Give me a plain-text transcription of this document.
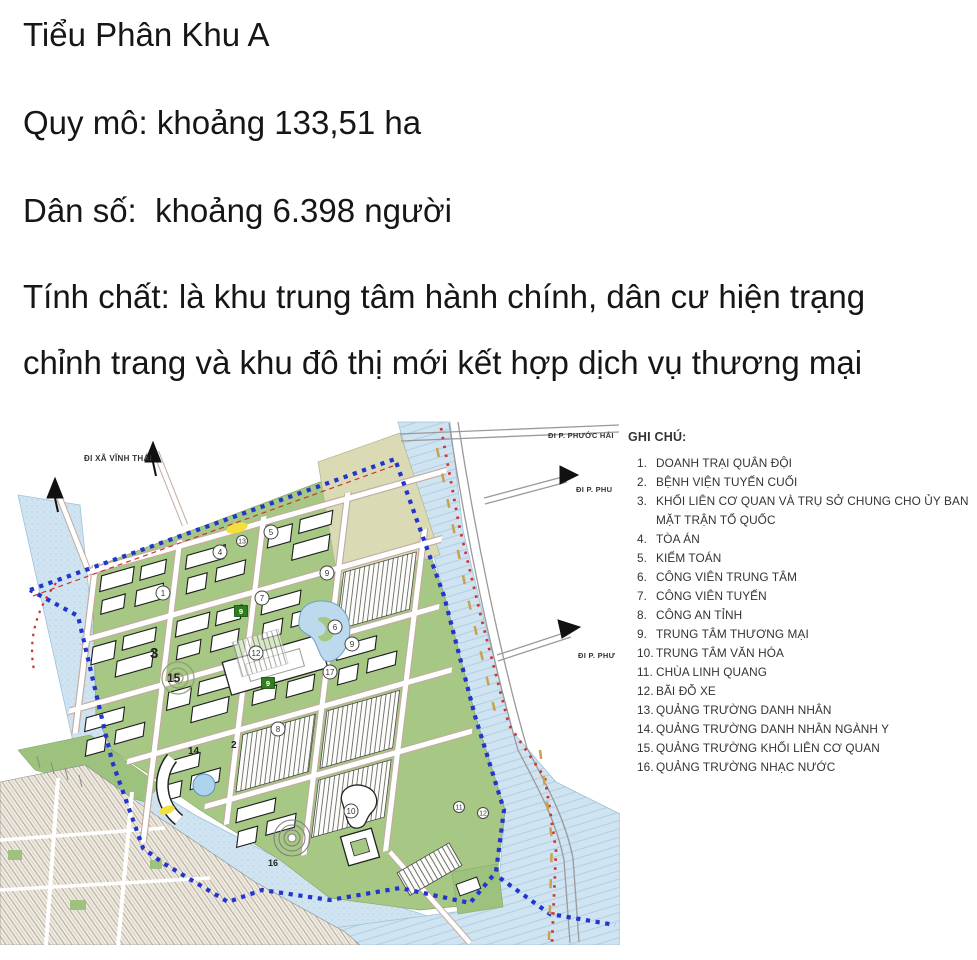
Tiểu Phân Khu A

Quy mô: khoảng 133,51 ha

Dân số:  khoảng 6.398 người

Tính chất: là khu trung tâm hành chính, dân cư hiện trạng

chỉnh trang và khu đô thị mới kết hợp dịch vụ thương mại

1
4
5
13
6
7
9
9
9
9
12
17
8
10	11
12
3
15
14
2
16
ĐI XÃ VĨNH THÁI
ĐI P. PHƯỚC HẢI
ĐI P. PHU
ĐI P. PHƯ
GHI CHÚ:
1. DOANH TRẠI QUÂN ĐỘI
2. BỆNH VIỆN TUYẾN CUỐI
3. KHỐI LIÊN CƠ QUAN VÀ TRỤ SỞ CHUNG CHO ỦY BAN MẶT TRẬN TỔ QUỐC
4. TÒA ÁN
5. KIỂM TOÁN
6. CÔNG VIÊN TRUNG TÂM
7. CÔNG VIÊN TUYẾN
8. CÔNG AN TỈNH
9. TRUNG TÂM THƯƠNG MẠI
10. TRUNG TÂM VĂN HÓA
11. CHÙA LINH QUANG
12. BÃI ĐỖ XE
13. QUẢNG TRƯỜNG DANH NHÂN
14. QUẢNG TRƯỜNG DANH NHÂN NGÀNH Y
15. QUẢNG TRƯỜNG KHỐI LIÊN CƠ QUAN
16. QUẢNG TRƯỜNG NHẠC NƯỚC
